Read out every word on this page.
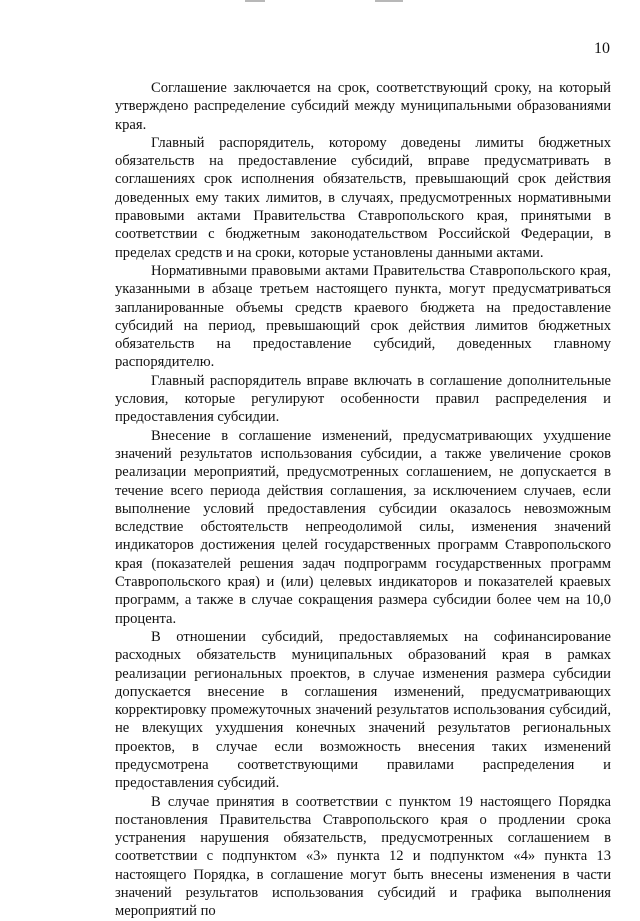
10

Соглашение заключается на срок, соответствующий сроку, на который утверждено распределение субсидий между муниципальными образованиями края.

Главный распорядитель, которому доведены лимиты бюджетных обязательств на предоставление субсидий, вправе предусматривать в соглашениях срок исполнения обязательств, превышающий срок действия доведенных ему таких лимитов, в случаях, предусмотренных нормативными правовыми актами Правительства Ставропольского края, принятыми в соответствии с бюджетным законодательством Российской Федерации, в пределах средств и на сроки, которые установлены данными актами.

Нормативными правовыми актами Правительства Ставропольского края, указанными в абзаце третьем настоящего пункта, могут предусматриваться запланированные объемы средств краевого бюджета на предоставление субсидий на период, превышающий срок действия лимитов бюджетных обязательств на предоставление субсидий, доведенных главному распорядителю.

Главный распорядитель вправе включать в соглашение дополнительные условия, которые регулируют особенности правил распределения и предоставления субсидии.

Внесение в соглашение изменений, предусматривающих ухудшение значений результатов использования субсидии, а также увеличение сроков реализации мероприятий, предусмотренных соглашением, не допускается в течение всего периода действия соглашения, за исключением случаев, если выполнение условий предоставления субсидии оказалось невозможным вследствие обстоятельств непреодолимой силы, изменения значений индикаторов достижения целей государственных программ Ставропольского края (показателей решения задач подпрограмм государственных программ Ставропольского края) и (или) целевых индикаторов и показателей краевых программ, а также в случае сокращения размера субсидии более чем на 10,0 процента.

В отношении субсидий, предоставляемых на софинансирование расходных обязательств муниципальных образований края в рамках реализации региональных проектов, в случае изменения размера субсидии допускается внесение в соглашения изменений, предусматривающих корректировку промежуточных значений результатов использования субсидий, не влекущих ухудшения конечных значений результатов региональных проектов, в случае если возможность внесения таких изменений предусмотрена соответствующими правилами распределения и предоставления субсидий.

В случае принятия в соответствии с пунктом 19 настоящего Порядка постановления Правительства Ставропольского края о продлении срока устранения нарушения обязательств, предусмотренных соглашением в соответствии с подпунктом «3» пункта 12 и подпунктом «4» пункта 13 настоящего Порядка, в соглашение могут быть внесены изменения в части значений результатов использования субсидий и графика выполнения мероприятий по
